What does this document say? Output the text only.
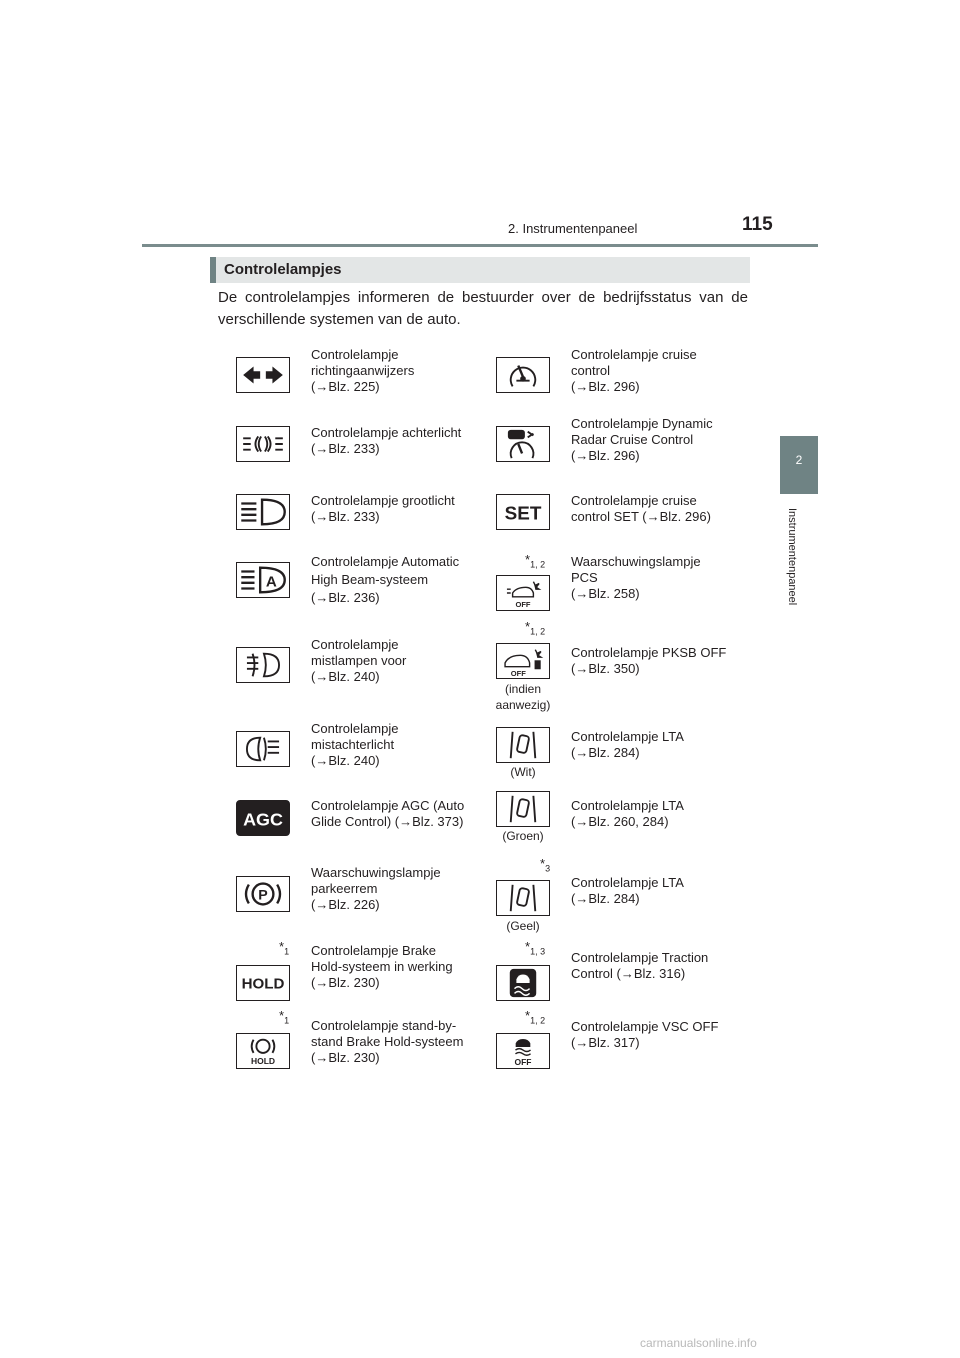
2. Instrumentenpaneel	115
2
Instrumentenpaneel
Controlelampjes
De controlelampjes informeren de bestuurder over de bedrijfsstatus van de verschillende systemen van de auto.
Controlelampje
richtingaanwijzers
(→Blz. 225)
Controlelampje achterlicht
(→Blz. 233)
Controlelampje grootlicht
(→Blz. 233)
A
Controlelampje Automatic
High Beam-systeem
(→Blz. 236)
Controlelampje
mistlampen voor
(→Blz. 240)
Controlelampje
mistachterlicht
(→Blz. 240)
AGC
Controlelampje AGC (Auto
Glide Control) (→Blz. 373)
P
Waarschuwingslampje
parkeerrem
(→Blz. 226)
$*_1$
HOLD
Controlelampje Brake
Hold-systeem in werking
(→Blz. 230)
$*_1$
HOLD
Controlelampje stand-by-
stand Brake Hold-systeem
(→Blz. 230)
Controlelampje cruise
control
(→Blz. 296)
Controlelampje Dynamic
Radar Cruise Control
(→Blz. 296)
SET
Controlelampje cruise
control SET (→Blz. 296)
$*_{1, 2}$
OFF
Waarschuwingslampje
PCS
(→Blz. 258)
$*_{1, 2}$
OFF
(indien
aanwezig)
Controlelampje PKSB OFF
(→Blz. 350)
(Wit)
Controlelampje LTA
(→Blz. 284)
(Groen)
Controlelampje LTA
(→Blz. 260, 284)
$*_3$
(Geel)
Controlelampje LTA
(→Blz. 284)
$*_{1, 3}$ Controlelampje Traction
Control (→Blz. 316)
$*_{1, 2}$
OFF
Controlelampje VSC OFF
(→Blz. 317)
carmanualsonline.info
